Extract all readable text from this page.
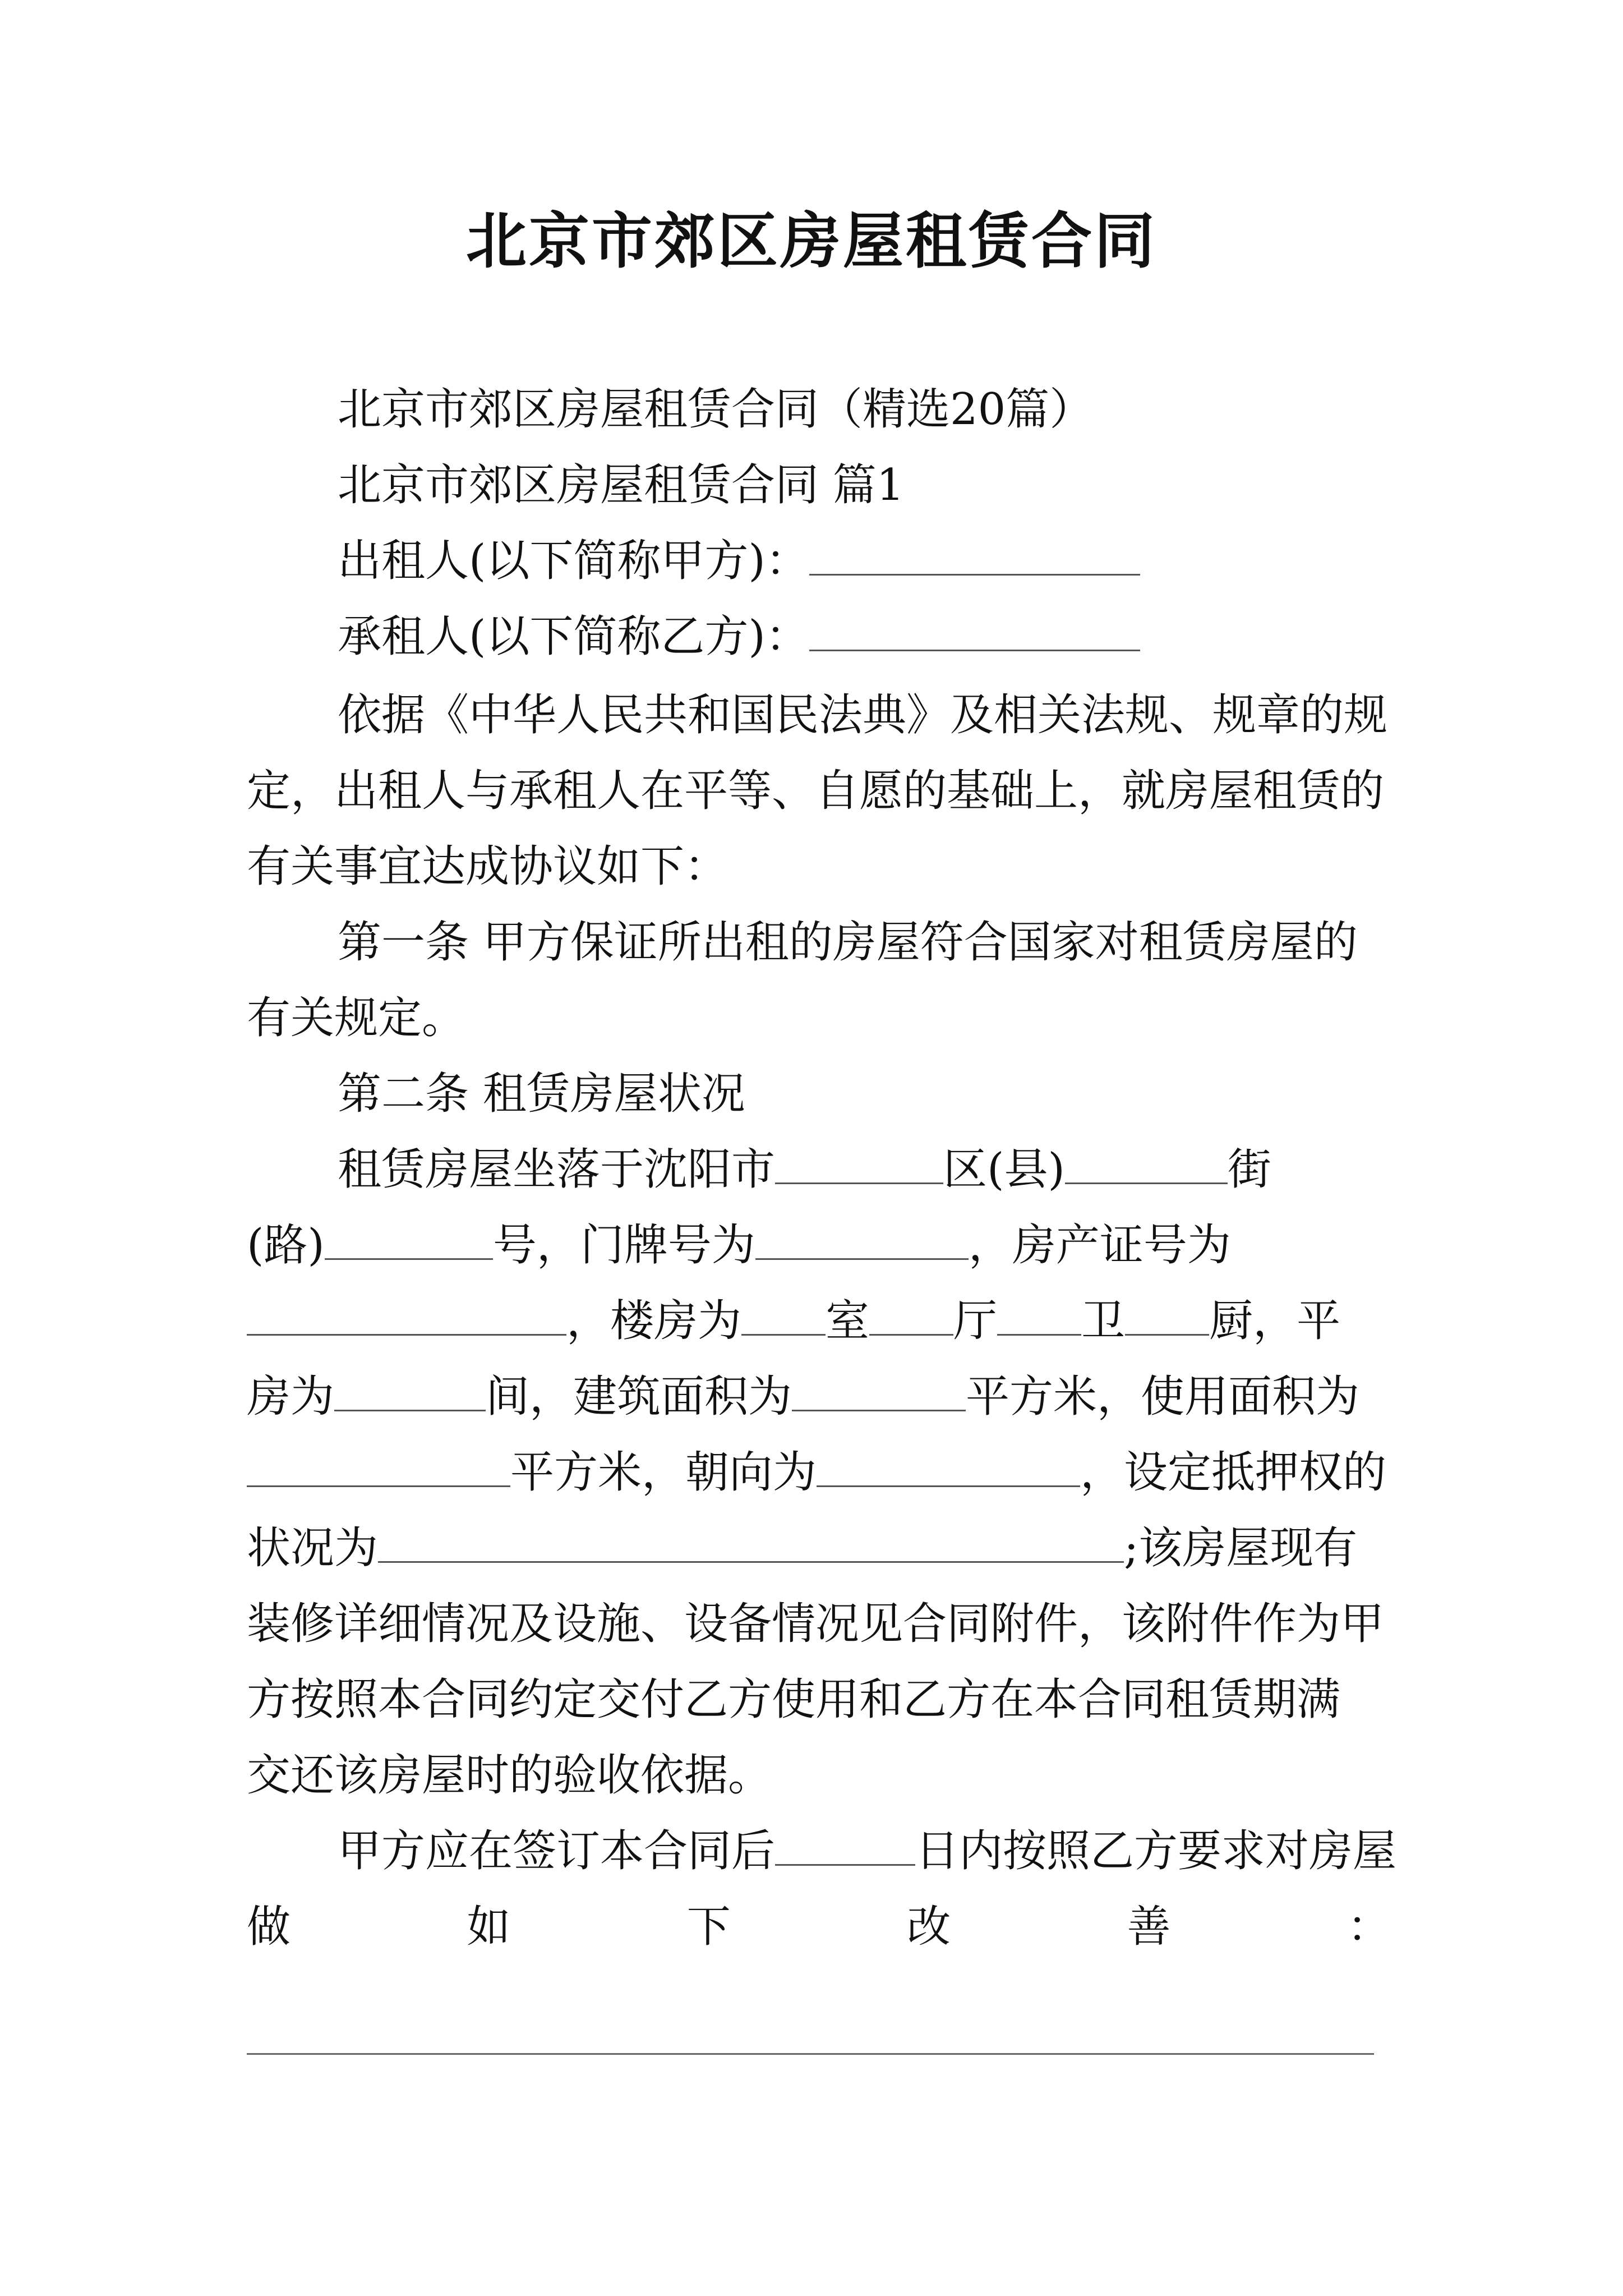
北京市郊区房屋租赁合同
北京市郊区房屋租赁合同（精选20篇）
北京市郊区房屋租赁合同 篇1
出租人(以下简称甲方)：
承租人(以下简称乙方)：
依据《中华人民共和国民法典》及相关法规、规章的规
定，出租人与承租人在平等、自愿的基础上，就房屋租赁的
有关事宜达成协议如下：
第一条 甲方保证所出租的房屋符合国家对租赁房屋的
有关规定。
第二条 租赁房屋状况
租赁房屋坐落于沈阳市	区(县)	街
(路)	号，门牌号为	，房产证号为
，楼房为 室 厅 卫 厨，平
房为	间，建筑面积为	平方米，使用面积为
平方米，朝向为	，设定抵押权的
状况为	;该房屋现有
装修详细情况及设施、设备情况见合同附件，该附件作为甲
方按照本合同约定交付乙方使用和乙方在本合同租赁期满
交还该房屋时的验收依据。
甲方应在签订本合同后	日内按照乙方要求对房屋
做	如	下	改	善	：
